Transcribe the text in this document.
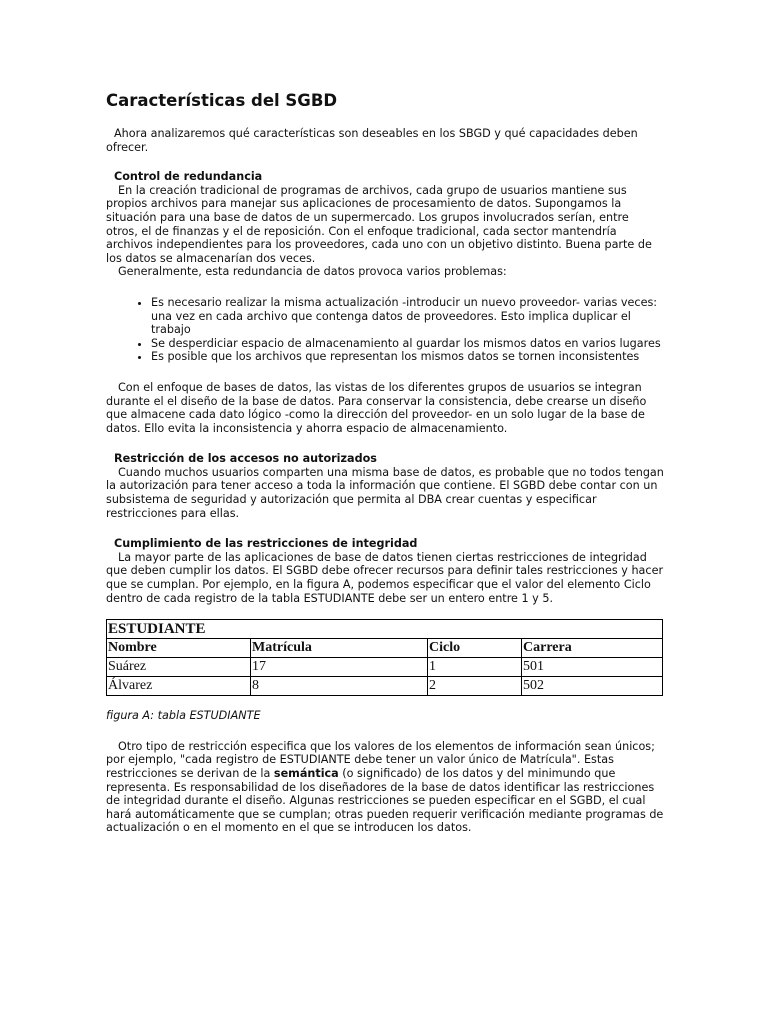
Características del SGBD

Ahora analizaremos qué características son deseables en los SBGD y qué capacidades deben ofrecer.

Control de redundancia

En la creación tradicional de programas de archivos, cada grupo de usuarios mantiene sus propios archivos para manejar sus aplicaciones de procesamiento de datos. Supongamos la situación para una base de datos de un supermercado. Los grupos involucrados serían, entre otros, el de finanzas y el de reposición. Con el enfoque tradicional, cada sector mantendría archivos independientes para los proveedores, cada uno con un objetivo distinto. Buena parte de los datos se almacenarían dos veces.

Generalmente, esta redundancia de datos provoca varios problemas:

• Es necesario realizar la misma actualización -introducir un nuevo proveedor- varias veces: una vez en cada archivo que contenga datos de proveedores. Esto implica duplicar el trabajo
• Se desperdiciar espacio de almacenamiento al guardar los mismos datos en varios lugares
• Es posible que los archivos que representan los mismos datos se tornen inconsistentes

Con el enfoque de bases de datos, las vistas de los diferentes grupos de usuarios se integran durante el el diseño de la base de datos. Para conservar la consistencia, debe crearse un diseño que almacene cada dato lógico -como la dirección del proveedor- en un solo lugar de la base de datos. Ello evita la inconsistencia y ahorra espacio de almacenamiento.

Restricción de los accesos no autorizados

Cuando muchos usuarios comparten una misma base de datos, es probable que no todos tengan la autorización para tener acceso a toda la información que contiene. El SGBD debe contar con un subsistema de seguridad y autorización que permita al DBA crear cuentas y especificar restricciones para ellas.

Cumplimiento de las restricciones de integridad

La mayor parte de las aplicaciones de base de datos tienen ciertas restricciones de integridad que deben cumplir los datos. El SGBD debe ofrecer recursos para definir tales restricciones y hacer que se cumplan. Por ejemplo, en la figura A, podemos especificar que el valor del elemento Ciclo dentro de cada registro de la tabla ESTUDIANTE debe ser un entero entre 1 y 5.

ESTUDIANTE			
Nombre	Matrícula	Ciclo	Carrera
Suárez	17	1	501
Álvarez	8	2	502

figura A: tabla ESTUDIANTE

Otro tipo de restricción especifica que los valores de los elementos de información sean únicos; por ejemplo, "cada registro de ESTUDIANTE debe tener un valor único de Matrícula". Estas restricciones se derivan de la semántica (o significado) de los datos y del minimundo que representa. Es responsabilidad de los diseñadores de la base de datos identificar las restricciones de integridad durante el diseño. Algunas restricciones se pueden especificar en el SGBD, el cual hará automáticamente que se cumplan; otras pueden requerir verificación mediante programas de actualización o en el momento en el que se introducen los datos.
